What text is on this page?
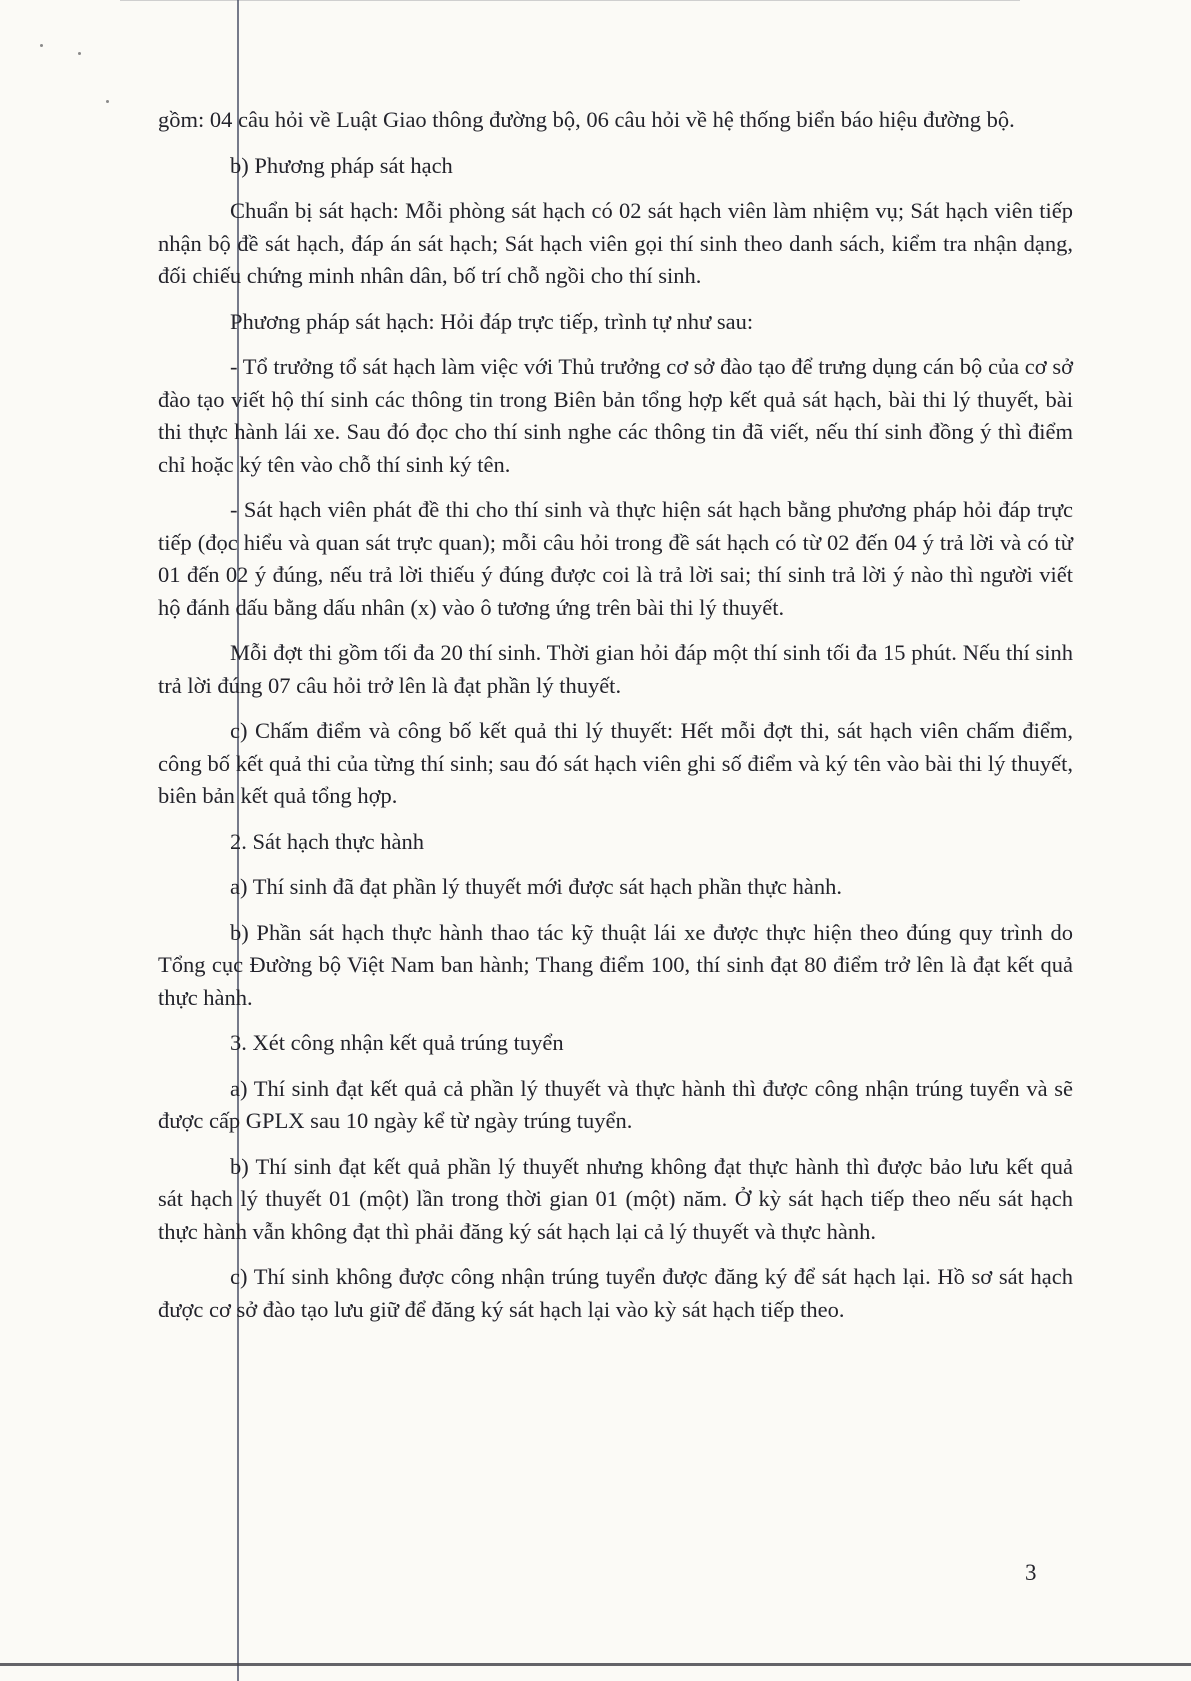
gồm: 04 câu hỏi về Luật Giao thông đường bộ, 06 câu hỏi về hệ thống biển báo hiệu đường bộ.

b) Phương pháp sát hạch

Chuẩn bị sát hạch: Mỗi phòng sát hạch có 02 sát hạch viên làm nhiệm vụ; Sát hạch viên tiếp nhận bộ đề sát hạch, đáp án sát hạch; Sát hạch viên gọi thí sinh theo danh sách, kiểm tra nhận dạng, đối chiếu chứng minh nhân dân, bố trí chỗ ngồi cho thí sinh.

Phương pháp sát hạch: Hỏi đáp trực tiếp, trình tự như sau:

- Tổ trưởng tổ sát hạch làm việc với Thủ trưởng cơ sở đào tạo để trưng dụng cán bộ của cơ sở đào tạo viết hộ thí sinh các thông tin trong Biên bản tổng hợp kết quả sát hạch, bài thi lý thuyết, bài thi thực hành lái xe. Sau đó đọc cho thí sinh nghe các thông tin đã viết, nếu thí sinh đồng ý thì điểm chỉ hoặc ký tên vào chỗ thí sinh ký tên.

- Sát hạch viên phát đề thi cho thí sinh và thực hiện sát hạch bằng phương pháp hỏi đáp trực tiếp (đọc hiểu và quan sát trực quan); mỗi câu hỏi trong đề sát hạch có từ 02 đến 04 ý trả lời và có từ 01 đến 02 ý đúng, nếu trả lời thiếu ý đúng được coi là trả lời sai; thí sinh trả lời ý nào thì người viết hộ đánh dấu bằng dấu nhân (x) vào ô tương ứng trên bài thi lý thuyết.

Mỗi đợt thi gồm tối đa 20 thí sinh. Thời gian hỏi đáp một thí sinh tối đa 15 phút. Nếu thí sinh trả lời đúng 07 câu hỏi trở lên là đạt phần lý thuyết.

c) Chấm điểm và công bố kết quả thi lý thuyết: Hết mỗi đợt thi, sát hạch viên chấm điểm, công bố kết quả thi của từng thí sinh; sau đó sát hạch viên ghi số điểm và ký tên vào bài thi lý thuyết, biên bản kết quả tổng hợp.

2. Sát hạch thực hành

a) Thí sinh đã đạt phần lý thuyết mới được sát hạch phần thực hành.

b) Phần sát hạch thực hành thao tác kỹ thuật lái xe được thực hiện theo đúng quy trình do Tổng cục Đường bộ Việt Nam ban hành; Thang điểm 100, thí sinh đạt 80 điểm trở lên là đạt kết quả thực hành.

3. Xét công nhận kết quả trúng tuyển

a) Thí sinh đạt kết quả cả phần lý thuyết và thực hành thì được công nhận trúng tuyển và sẽ được cấp GPLX sau 10 ngày kể từ ngày trúng tuyển.

b) Thí sinh đạt kết quả phần lý thuyết nhưng không đạt thực hành thì được bảo lưu kết quả sát hạch lý thuyết 01 (một) lần trong thời gian 01 (một) năm. Ở kỳ sát hạch tiếp theo nếu sát hạch thực hành vẫn không đạt thì phải đăng ký sát hạch lại cả lý thuyết và thực hành.

c) Thí sinh không được công nhận trúng tuyển được đăng ký để sát hạch lại. Hồ sơ sát hạch được cơ sở đào tạo lưu giữ để đăng ký sát hạch lại vào kỳ sát hạch tiếp theo.

3
